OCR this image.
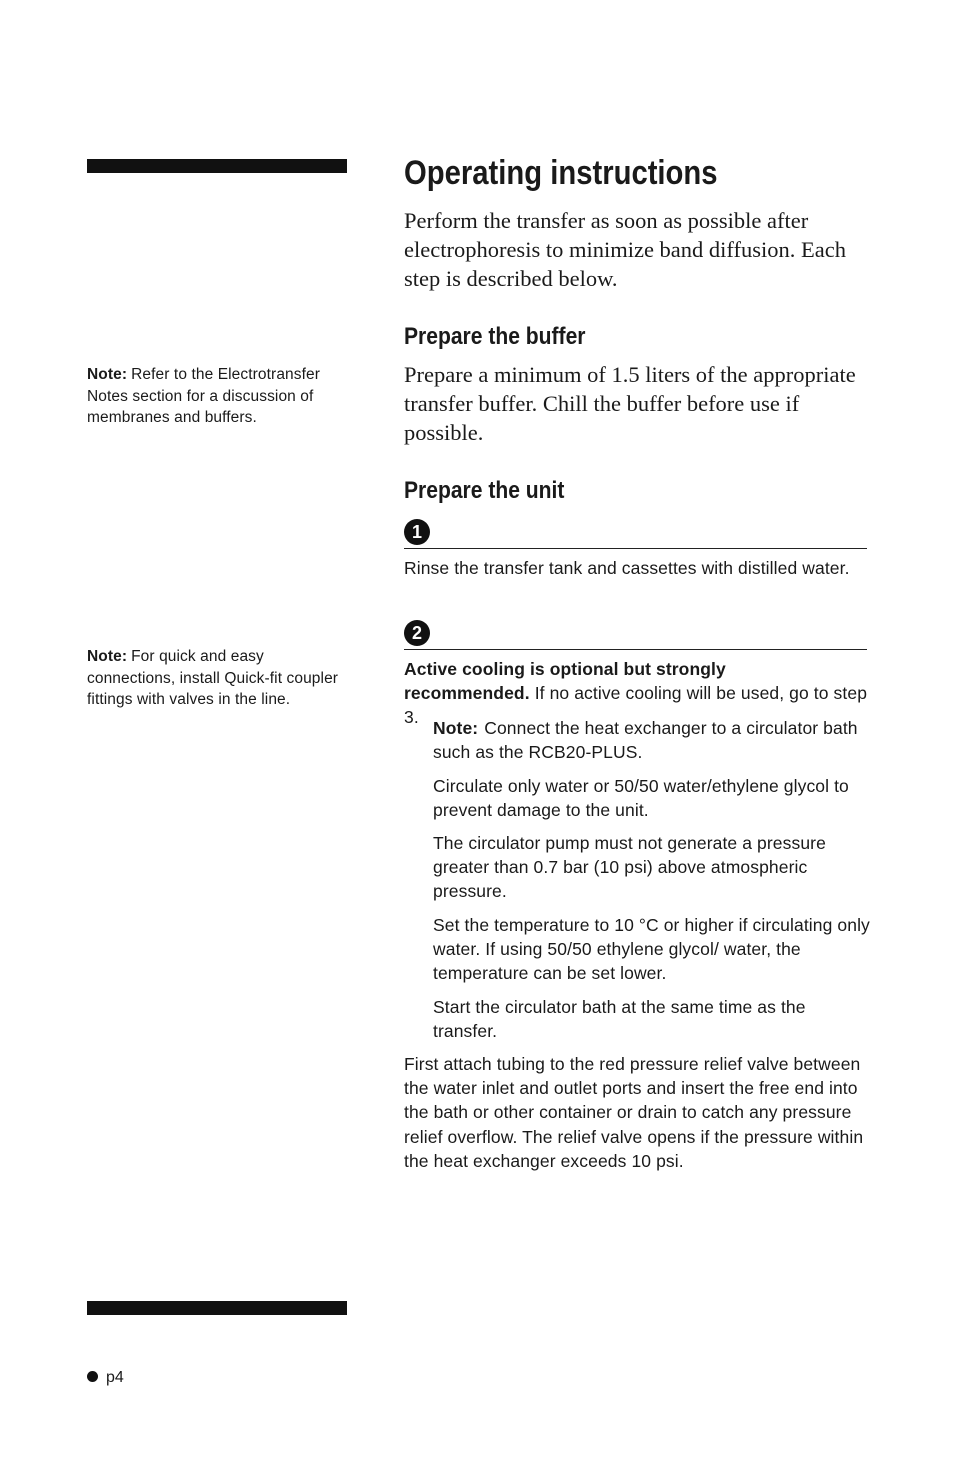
Operating instructions

Perform the transfer as soon as possible after electrophoresis to minimize band diffusion. Each step is described below.

Prepare the buffer

Prepare a minimum of 1.5 liters of the appropriate transfer buffer. Chill the buffer before use if possible.

Note: Refer to the Electrotransfer Notes section for a discussion of membranes and buffers.
Prepare the unit
1

Rinse the transfer tank and cassettes with distilled water.

2
Note: For quick and easy connections, install Quick-fit coupler fittings with valves in the line.

Active cooling is optional but strongly recommended. If no active cooling will be used, go to step 3.

Note: Connect the heat exchanger to a circulator bath such as the RCB20-PLUS.

Circulate only water or 50/50 water/ethylene glycol to prevent damage to the unit.

The circulator pump must not generate a pressure greater than 0.7 bar (10 psi) above atmospheric pressure.

Set the temperature to 10 °C or higher if circulating only water. If using 50/50 ethylene glycol/ water, the temperature can be set lower.

Start the circulator bath at the same time as the transfer.

First attach tubing to the red pressure relief valve between the water inlet and outlet ports and insert the free end into the bath or other container or drain to catch any pressure relief overflow. The relief valve opens if the pressure within the heat exchanger exceeds 10 psi.

p4
